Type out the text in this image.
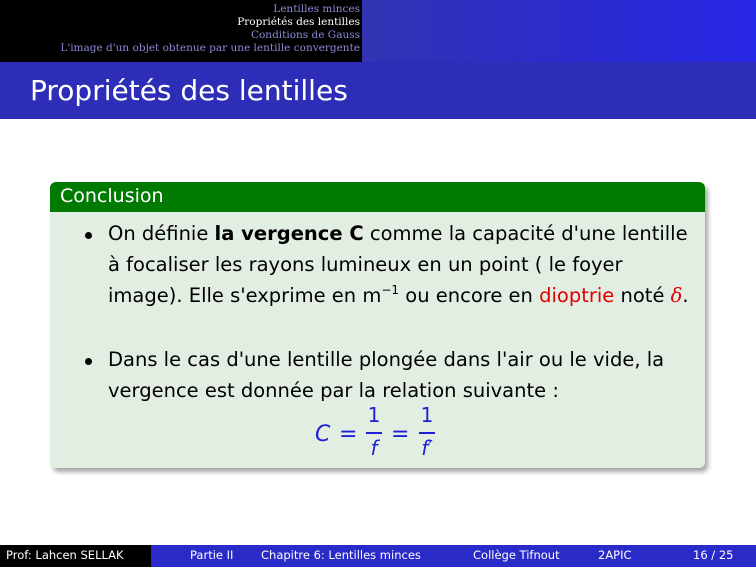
Lentilles minces
Propriétés des lentilles
Conditions de Gauss
L'image d'un objet obtenue par une lentille convergente
Propriétés des lentilles
Conclusion
On définie la vergence C comme la capacité d'une lentille à focaliser les rayons lumineux en un point ( le foyer image). Elle s'exprime en $m^{-1}$ ou encore en dioptrie noté δ.
Dans le cas d'une lentille plongée dans l'air ou le vide, la vergence est donnée par la relation suivante :
C =
1
f
=
1
f′
Prof: Lahcen SELLAK	Partie II Chapitre 6: Lentilles minces	Collège Tifnout	2APIC	16 / 25
